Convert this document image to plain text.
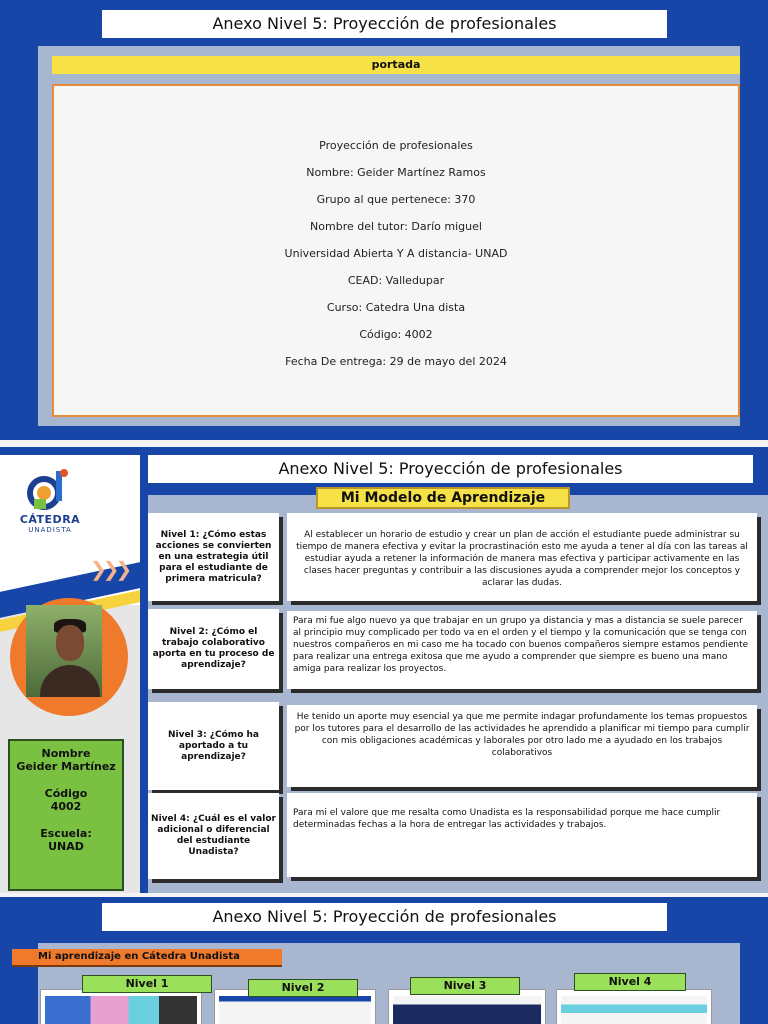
Anexo Nivel 5: Proyección de profesionales
portada
Proyección de profesionales
Nombre: Geider Martínez Ramos
Grupo al que pertenece: 370
Nombre del tutor: Darío miguel
Universidad Abierta Y A distancia- UNAD
CEAD: Valledupar
Curso: Catedra Una dista
Código: 4002
Fecha De entrega: 29 de mayo del 2024
CÁTEDRA
UNADISTA
❯❯❯
Nombre
Geider Martínez
Código
4002
Escuela:
UNAD
Anexo Nivel 5: Proyección de profesionales
Mi Modelo de Aprendizaje
Nivel 1: ¿Cómo estas acciones se convierten en una estrategia útil para el estudiante de primera matricula?
Al establecer un horario de estudio y crear un plan de acción el estudiante puede administrar su tiempo de manera efectiva y evitar la procrastinación esto me ayuda a tener al día con las tareas al estudiar ayuda a retener la información de manera mas efectiva y participar activamente en las clases hacer preguntas y contribuir a las discusiones ayuda a comprender mejor los conceptos y aclarar las dudas.
Nivel 2: ¿Cómo el trabajo colaborativo aporta en tu proceso de aprendizaje?
Para mi fue algo nuevo ya que trabajar en un grupo ya distancia y mas a distancia se suele parecer al principio muy complicado per todo va en el orden y el tiempo y la comunicación que se tenga con nuestros compañeros en mi caso me ha tocado con buenos compañeros siempre estamos pendiente para realizar una entrega exitosa que me ayudo a comprender que siempre es bueno una mano amiga para realizar los proyectos.
Nivel 3: ¿Cómo ha aportado a tu aprendizaje?
He tenido un aporte muy esencial ya que me permite indagar profundamente los temas propuestos por los tutores para el desarrollo de las actividades he aprendido a planificar mi tiempo para cumplir con mis obligaciones académicas y laborales por otro lado me a ayudado en los trabajos colaborativos
Nivel 4: ¿Cuál es el valor adicional o diferencial del estudiante Unadista?
Para mi el valore que me resalta como Unadista es la responsabilidad porque me hace cumplir determinadas fechas a la hora de entregar las actividades y trabajos.
Anexo Nivel 5: Proyección de profesionales
Mi aprendizaje en Cátedra Unadista
Nivel 1	Nivel 2	Nivel 3	Nivel 4
